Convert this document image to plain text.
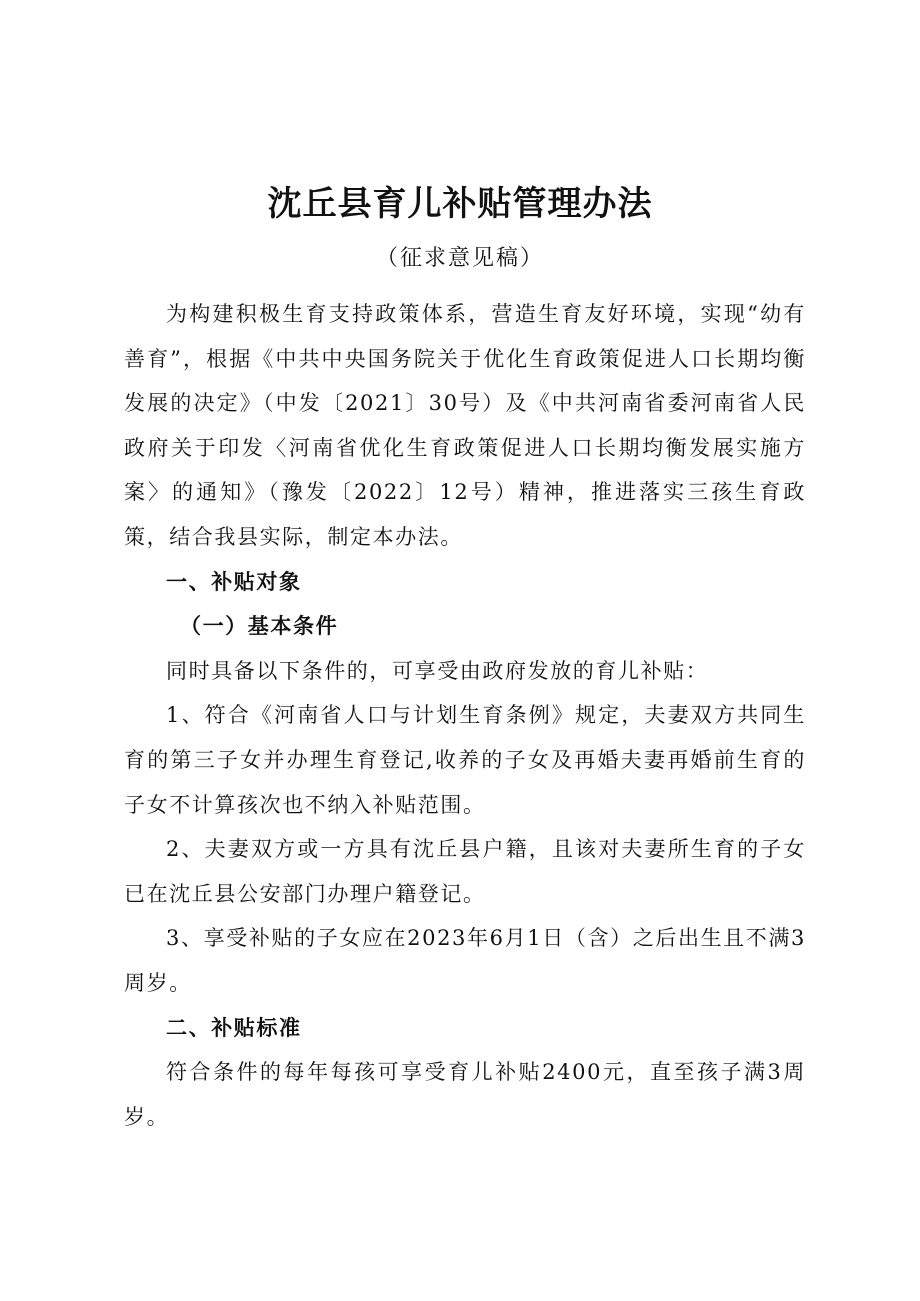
沈丘县育儿补贴管理办法

（征求意见稿）

为构建积极生育支持政策体系，营造生育友好环境，实现“幼有善育”，根据《中共中央国务院关于优化生育政策促进人口长期均衡发展的决定》（中发〔2021〕30号）及《中共河南省委河南省人民政府关于印发〈河南省优化生育政策促进人口长期均衡发展实施方案〉的通知》（豫发〔2022〕12号）精神，推进落实三孩生育政策，结合我县实际，制定本办法。

一、补贴对象

（一）基本条件

同时具备以下条件的，可享受由政府发放的育儿补贴：

1、符合《河南省人口与计划生育条例》规定，夫妻双方共同生育的第三子女并办理生育登记,收养的子女及再婚夫妻再婚前生育的子女不计算孩次也不纳入补贴范围。

2、夫妻双方或一方具有沈丘县户籍，且该对夫妻所生育的子女已在沈丘县公安部门办理户籍登记。

3、享受补贴的子女应在2023年6月1日（含）之后出生且不满3周岁。

二、补贴标准

符合条件的每年每孩可享受育儿补贴2400元，直至孩子满3周岁。
